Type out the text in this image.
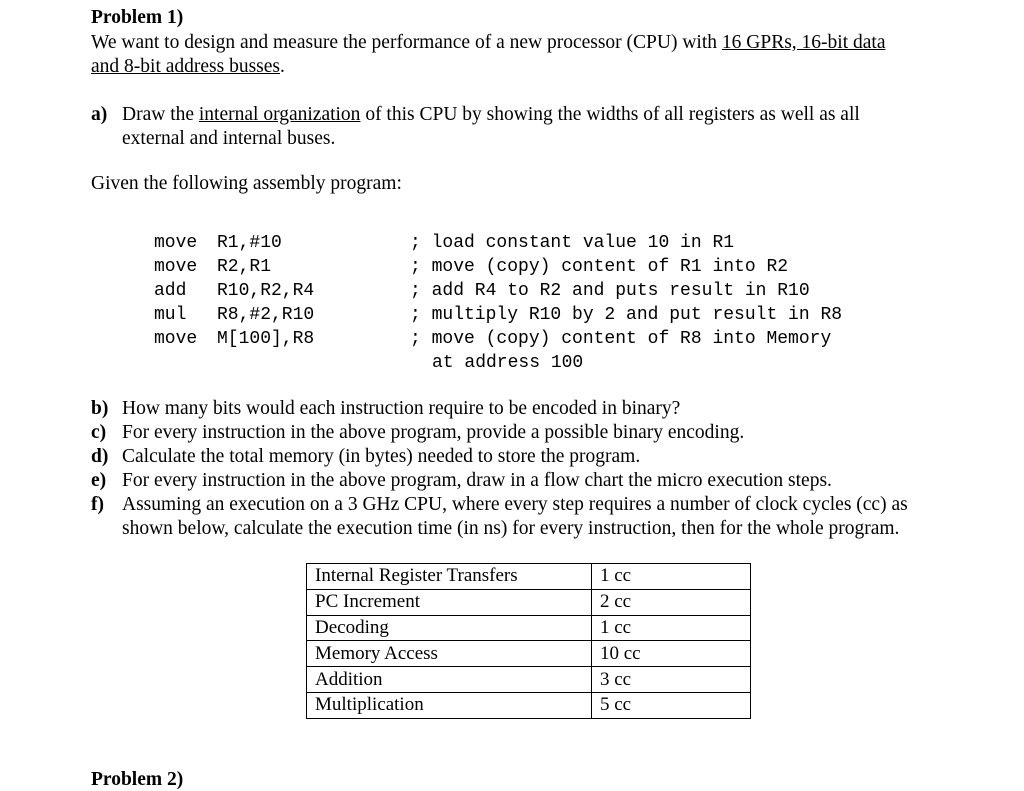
Problem 1)
We want to design and measure the performance of a new processor (CPU) with 16 GPRs, 16-bit data
and 8-bit address busses.
a) Draw the internal organization of this CPU by showing the widths of all registers as well as all
external and internal buses.
Given the following assembly program:
move R1,#10	; load constant value 10 in R1
move R2,R1	; move (copy) content of R1 into R2
add R10,R2,R4	; add R4 to R2 and puts result in R10
mul R8,#2,R10	; multiply R10 by 2 and put result in R8
move M[100],R8	; move (copy) content of R8 into Memory
at address 100
b) How many bits would each instruction require to be encoded in binary?
c) For every instruction in the above program, provide a possible binary encoding.
d) Calculate the total memory (in bytes) needed to store the program.
e) For every instruction in the above program, draw in a flow chart the micro execution steps.
f) Assuming an execution on a 3 GHz CPU, where every step requires a number of clock cycles (cc) as
shown below, calculate the execution time (in ns) for every instruction, then for the whole program.
Internal Register Transfers	1 cc
PC Increment	2 cc
Decoding	1 cc
Memory Access	10 cc
Addition	3 cc
Multiplication	5 cc
Problem 2)
